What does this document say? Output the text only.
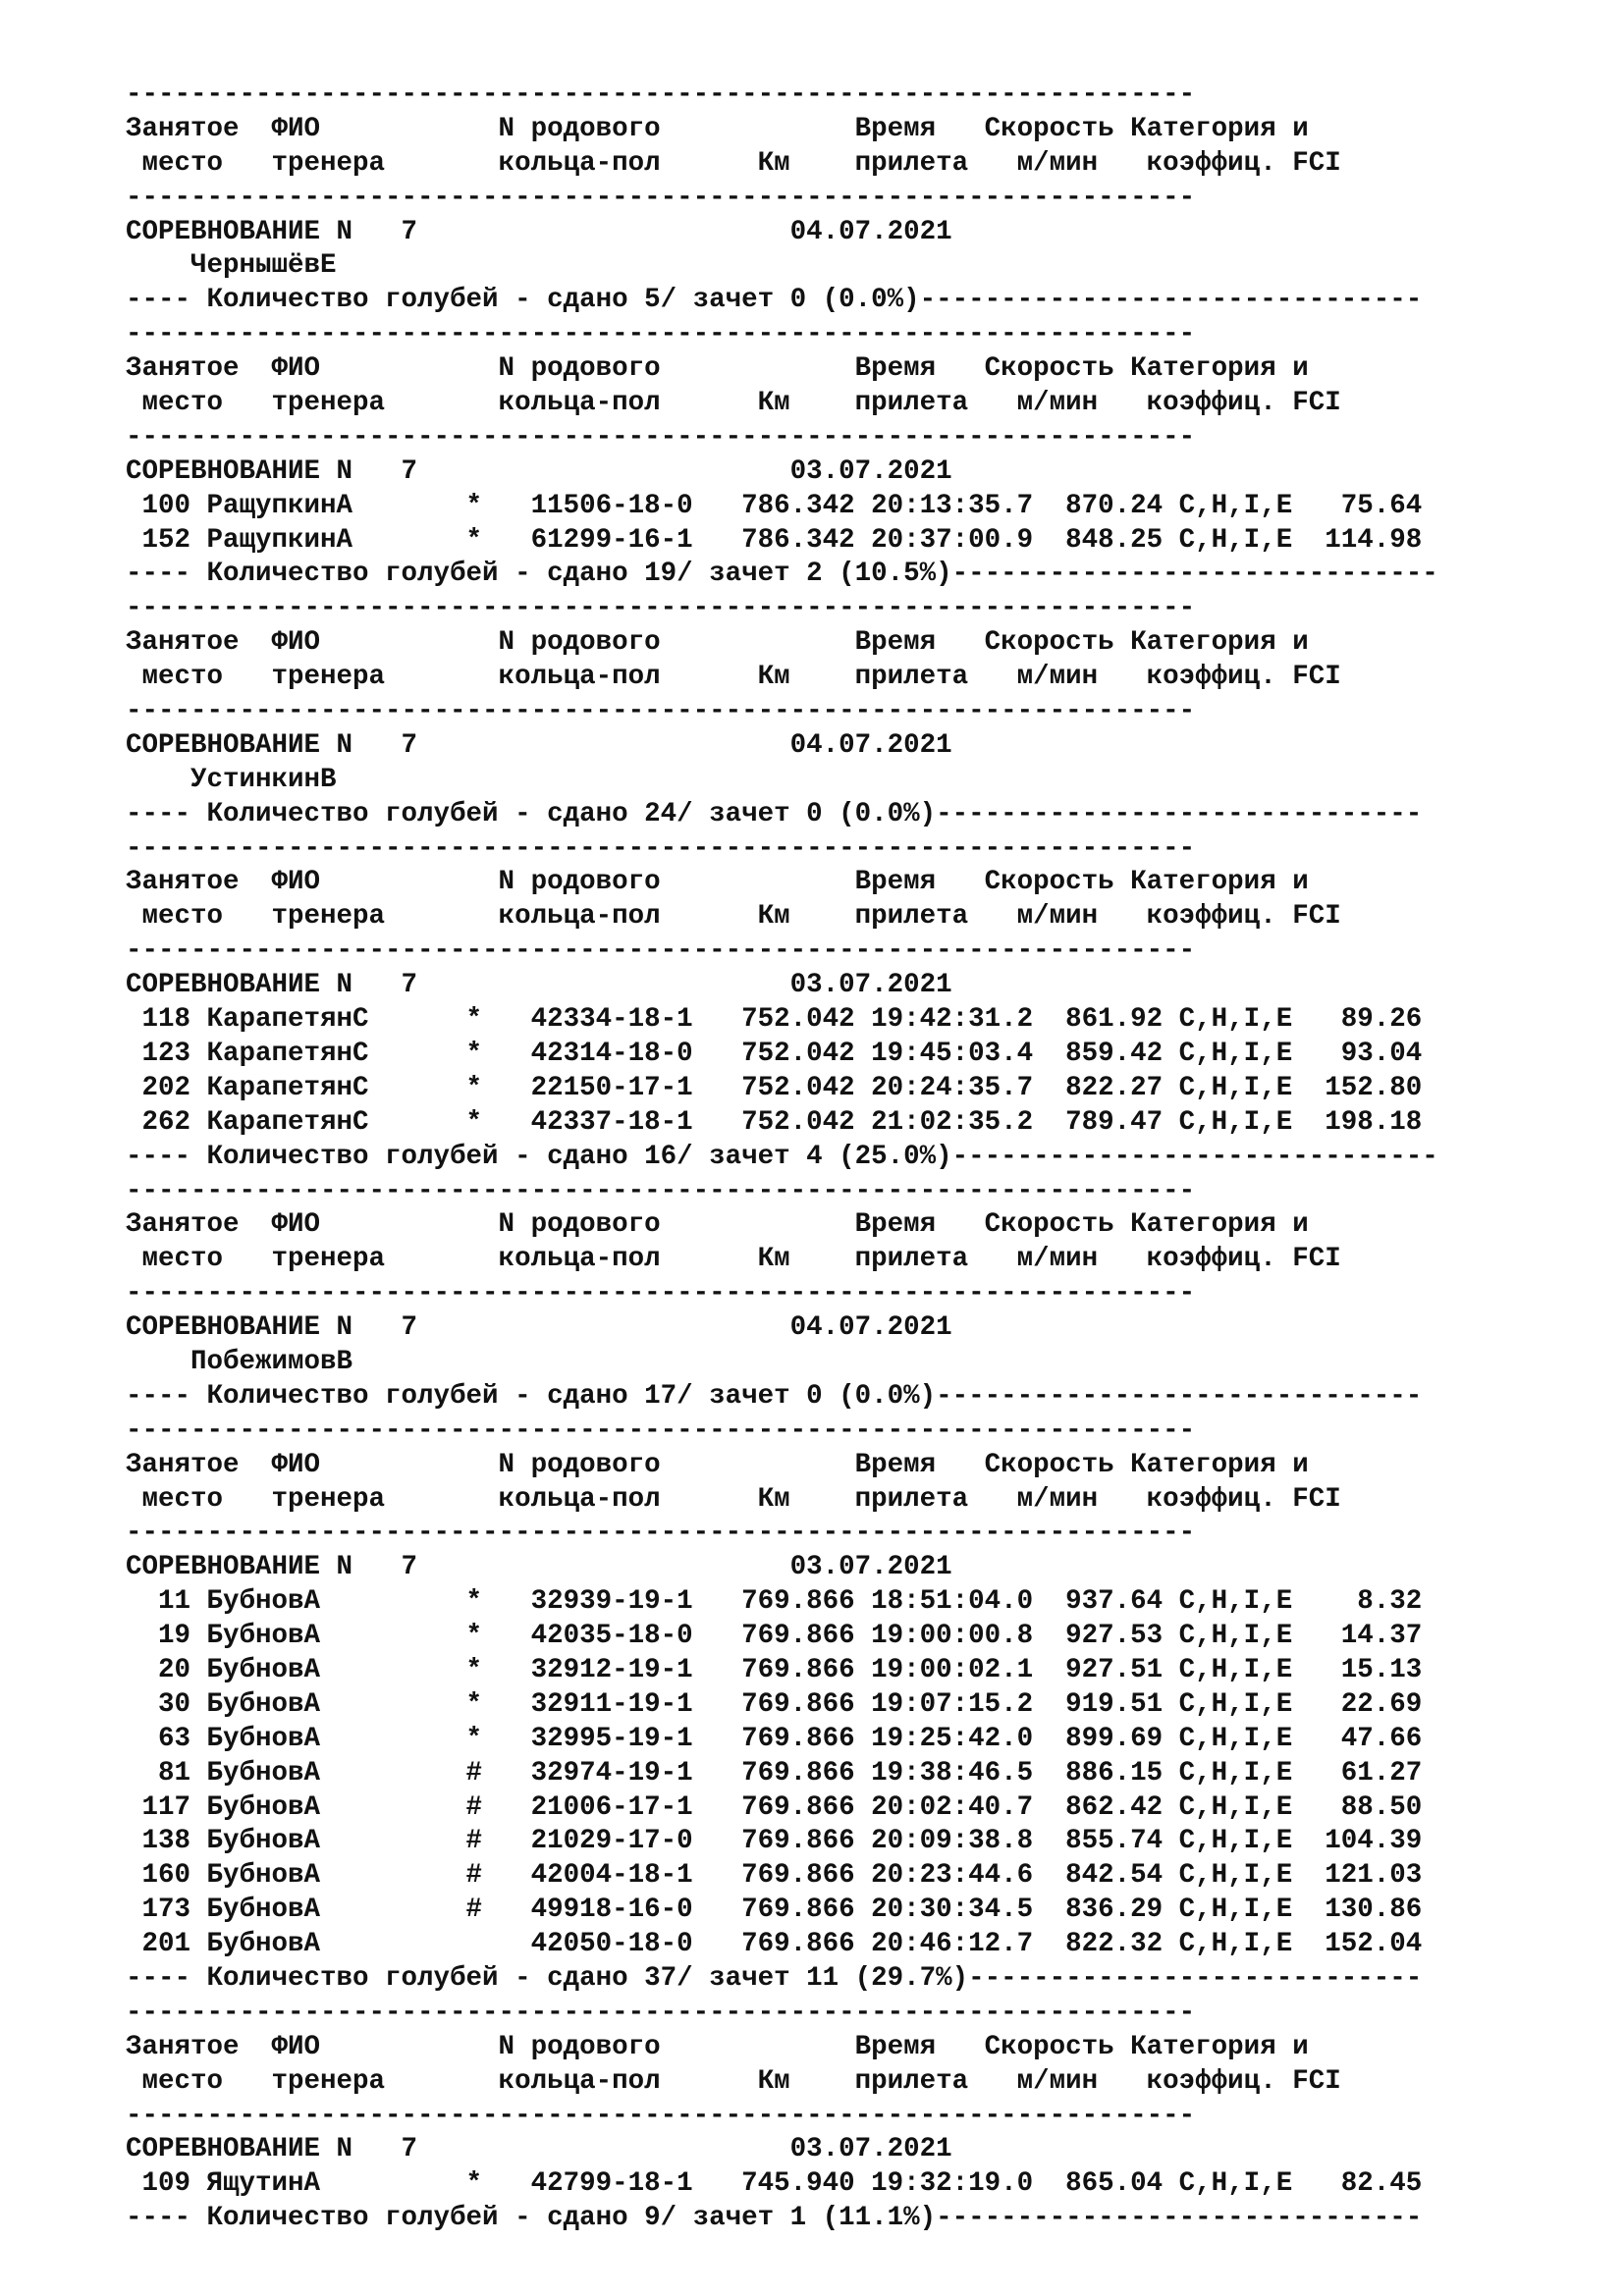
------------------------------------------------------------------
Занятое  ФИО           N родового            Время   Скорость Категория и
место   тренера       кольца-пол      Км    прилета   м/мин   коэффиц. FCI
------------------------------------------------------------------
СОРЕВНОВАНИЕ N   7                       04.07.2021
ЧернышёвЕ
---- Количество голубей - сдано 5/ зачет 0 (0.0%)-------------------------------
------------------------------------------------------------------
Занятое  ФИО           N родового            Время   Скорость Категория и
место   тренера       кольца-пол      Км    прилета   м/мин   коэффиц. FCI
------------------------------------------------------------------
СОРЕВНОВАНИЕ N   7                       03.07.2021
100 РащупкинА       *   11506-18-0   786.342 20:13:35.7  870.24 C,H,I,E   75.64
152 РащупкинА       *   61299-16-1   786.342 20:37:00.9  848.25 C,H,I,E  114.98
---- Количество голубей - сдано 19/ зачет 2 (10.5%)------------------------------
------------------------------------------------------------------
Занятое  ФИО           N родового            Время   Скорость Категория и
место   тренера       кольца-пол      Км    прилета   м/мин   коэффиц. FCI
------------------------------------------------------------------
СОРЕВНОВАНИЕ N   7                       04.07.2021
УстинкинВ
---- Количество голубей - сдано 24/ зачет 0 (0.0%)------------------------------
------------------------------------------------------------------
Занятое  ФИО           N родового            Время   Скорость Категория и
место   тренера       кольца-пол      Км    прилета   м/мин   коэффиц. FCI
------------------------------------------------------------------
СОРЕВНОВАНИЕ N   7                       03.07.2021
118 КарапетянС      *   42334-18-1   752.042 19:42:31.2  861.92 C,H,I,E   89.26
123 КарапетянС      *   42314-18-0   752.042 19:45:03.4  859.42 C,H,I,E   93.04
202 КарапетянС      *   22150-17-1   752.042 20:24:35.7  822.27 C,H,I,E  152.80
262 КарапетянС      *   42337-18-1   752.042 21:02:35.2  789.47 C,H,I,E  198.18
---- Количество голубей - сдано 16/ зачет 4 (25.0%)------------------------------
------------------------------------------------------------------
Занятое  ФИО           N родового            Время   Скорость Категория и
место   тренера       кольца-пол      Км    прилета   м/мин   коэффиц. FCI
------------------------------------------------------------------
СОРЕВНОВАНИЕ N   7                       04.07.2021
ПобежимовВ
---- Количество голубей - сдано 17/ зачет 0 (0.0%)------------------------------
------------------------------------------------------------------
Занятое  ФИО           N родового            Время   Скорость Категория и
место   тренера       кольца-пол      Км    прилета   м/мин   коэффиц. FCI
------------------------------------------------------------------
СОРЕВНОВАНИЕ N   7                       03.07.2021
11 БубновА         *   32939-19-1   769.866 18:51:04.0  937.64 C,H,I,E    8.32
19 БубновА         *   42035-18-0   769.866 19:00:00.8  927.53 C,H,I,E   14.37
20 БубновА         *   32912-19-1   769.866 19:00:02.1  927.51 C,H,I,E   15.13
30 БубновА         *   32911-19-1   769.866 19:07:15.2  919.51 C,H,I,E   22.69
63 БубновА         *   32995-19-1   769.866 19:25:42.0  899.69 C,H,I,E   47.66
81 БубновА         #   32974-19-1   769.866 19:38:46.5  886.15 C,H,I,E   61.27
117 БубновА         #   21006-17-1   769.866 20:02:40.7  862.42 C,H,I,E   88.50
138 БубновА         #   21029-17-0   769.866 20:09:38.8  855.74 C,H,I,E  104.39
160 БубновА         #   42004-18-1   769.866 20:23:44.6  842.54 C,H,I,E  121.03
173 БубновА         #   49918-16-0   769.866 20:30:34.5  836.29 C,H,I,E  130.86
201 БубновА             42050-18-0   769.866 20:46:12.7  822.32 C,H,I,E  152.04
---- Количество голубей - сдано 37/ зачет 11 (29.7%)----------------------------
------------------------------------------------------------------
Занятое  ФИО           N родового            Время   Скорость Категория и
место   тренера       кольца-пол      Км    прилета   м/мин   коэффиц. FCI
------------------------------------------------------------------
СОРЕВНОВАНИЕ N   7                       03.07.2021
109 ЯщутинА         *   42799-18-1   745.940 19:32:19.0  865.04 C,H,I,E   82.45
---- Количество голубей - сдано 9/ зачет 1 (11.1%)------------------------------
